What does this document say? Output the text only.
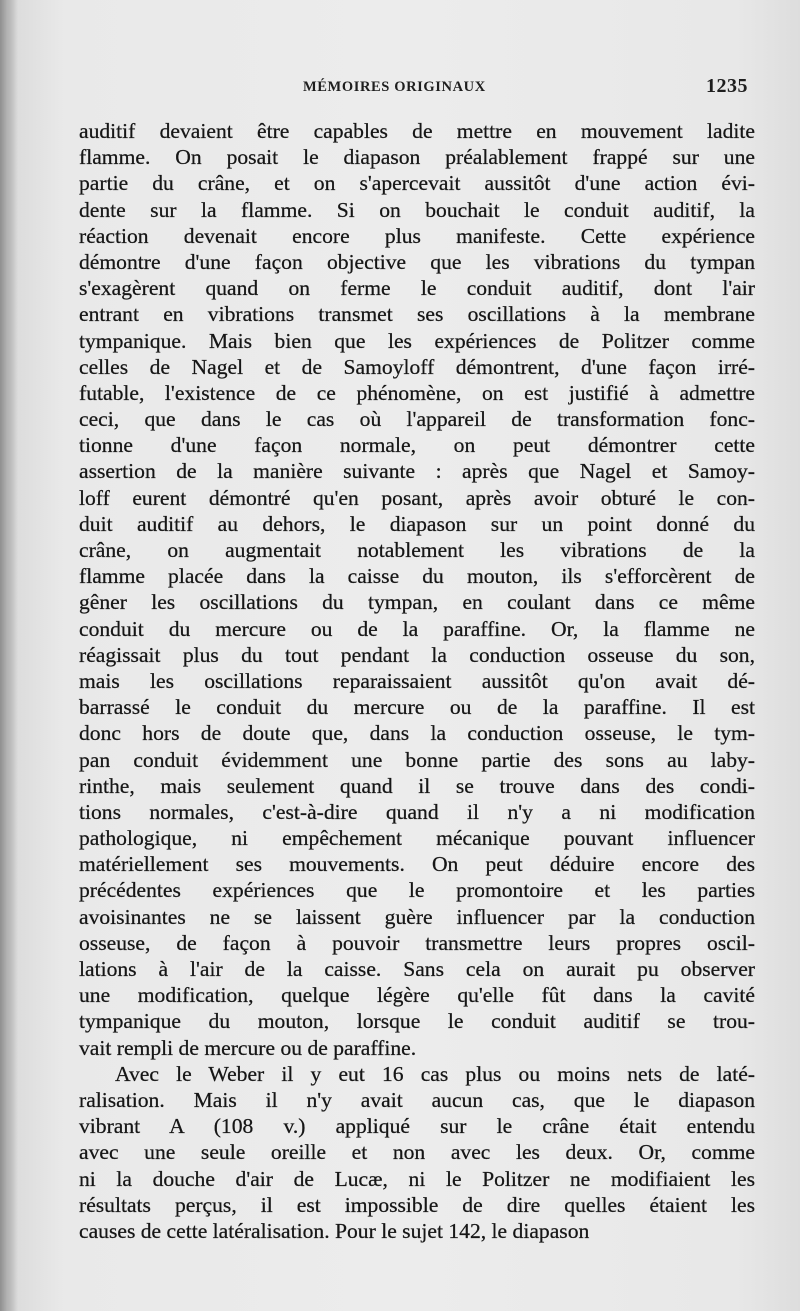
MÉMOIRES ORIGINAUX	1235
auditif devaient être capables de mettre en mouvement ladite
flamme. On posait le diapason préalablement frappé sur une
partie du crâne, et on s'apercevait aussitôt d'une action évi-
dente sur la flamme. Si on bouchait le conduit auditif, la
réaction devenait encore plus manifeste. Cette expérience
démontre d'une façon objective que les vibrations du tympan
s'exagèrent quand on ferme le conduit auditif, dont l'air
entrant en vibrations transmet ses oscillations à la membrane
tympanique. Mais bien que les expériences de Politzer comme
celles de Nagel et de Samoyloff démontrent, d'une façon irré-
futable, l'existence de ce phénomène, on est justifié à admettre
ceci, que dans le cas où l'appareil de transformation fonc-
tionne d'une façon normale, on peut démontrer cette
assertion de la manière suivante : après que Nagel et Samoy-
loff eurent démontré qu'en posant, après avoir obturé le con-
duit auditif au dehors, le diapason sur un point donné du
crâne, on augmentait notablement les vibrations de la
flamme placée dans la caisse du mouton, ils s'efforcèrent de
gêner les oscillations du tympan, en coulant dans ce même
conduit du mercure ou de la paraffine. Or, la flamme ne
réagissait plus du tout pendant la conduction osseuse du son,
mais les oscillations reparaissaient aussitôt qu'on avait dé-
barrassé le conduit du mercure ou de la paraffine. Il est
donc hors de doute que, dans la conduction osseuse, le tym-
pan conduit évidemment une bonne partie des sons au laby-
rinthe, mais seulement quand il se trouve dans des condi-
tions normales, c'est-à-dire quand il n'y a ni modification
pathologique, ni empêchement mécanique pouvant influencer
matériellement ses mouvements. On peut déduire encore des
précédentes expériences que le promontoire et les parties
avoisinantes ne se laissent guère influencer par la conduction
osseuse, de façon à pouvoir transmettre leurs propres oscil-
lations à l'air de la caisse. Sans cela on aurait pu observer
une modification, quelque légère qu'elle fût dans la cavité
tympanique du mouton, lorsque le conduit auditif se trou-
vait rempli de mercure ou de paraffine.
Avec le Weber il y eut 16 cas plus ou moins nets de laté-
ralisation. Mais il n'y avait aucun cas, que le diapason
vibrant A (108 v.) appliqué sur le crâne était entendu
avec une seule oreille et non avec les deux. Or, comme
ni la douche d'air de Lucæ, ni le Politzer ne modifiaient les
résultats perçus, il est impossible de dire quelles étaient les
causes de cette latéralisation. Pour le sujet 142, le diapason
